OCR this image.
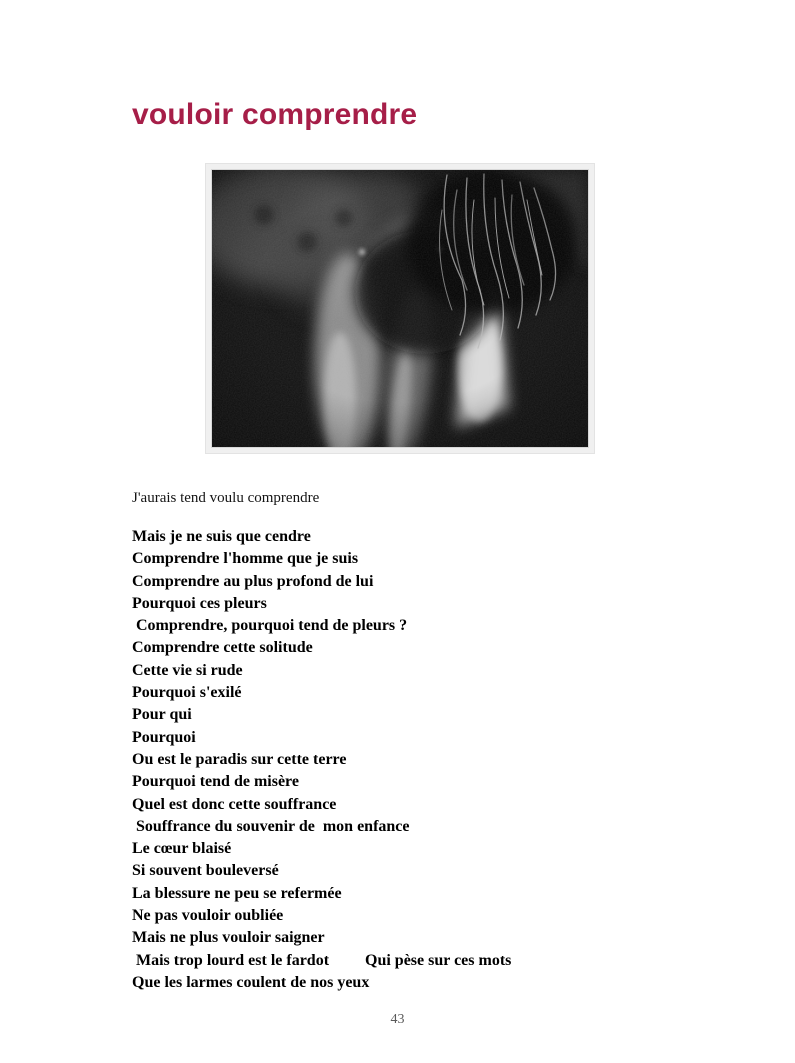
vouloir comprendre

J'aurais tend voulu comprendre

Mais je ne suis que cendre
Comprendre l'homme que je suis
Comprendre au plus profond de lui
Pourquoi ces pleurs
Comprendre, pourquoi tend de pleurs ?
Comprendre cette solitude
Cette vie si rude
Pourquoi s'exilé
Pour qui
Pourquoi
Ou est le paradis sur cette terre
Pourquoi tend de misère
Quel est donc cette souffrance
Souffrance du souvenir de  mon enfance
Le cœur blaisé
Si souvent bouleversé
La blessure ne peu se refermée
Ne pas vouloir oubliée
Mais ne plus vouloir saigner
Mais trop lourd est le fardot         Qui pèse sur ces mots
Que les larmes coulent de nos yeux
43
